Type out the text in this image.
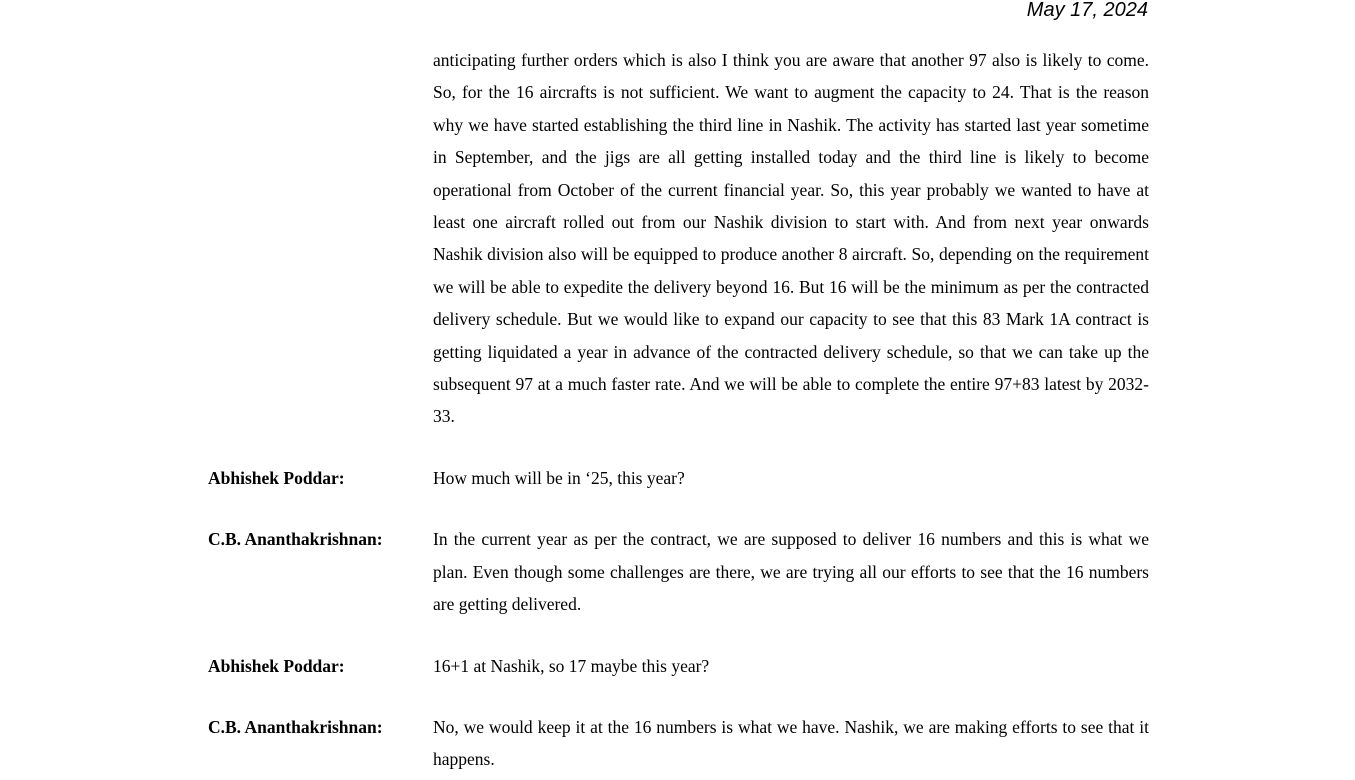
May 17, 2024
anticipating further orders which is also I think you are aware that another 97 also is likely to come. So, for the 16 aircrafts is not sufficient. We want to augment the capacity to 24. That is the reason why we have started establishing the third line in Nashik. The activity has started last year sometime in September, and the jigs are all getting installed today and the third line is likely to become operational from October of the current financial year. So, this year probably we wanted to have at least one aircraft rolled out from our Nashik division to start with. And from next year onwards Nashik division also will be equipped to produce another 8 aircraft. So, depending on the requirement we will be able to expedite the delivery beyond 16. But 16 will be the minimum as per the contracted delivery schedule. But we would like to expand our capacity to see that this 83 Mark 1A contract is getting liquidated a year in advance of the contracted delivery schedule, so that we can take up the subsequent 97 at a much faster rate. And we will be able to complete the entire 97+83 latest by 2032-33.
Abhishek Poddar:	How much will be in ‘25, this year?
C.B. Ananthakrishnan:	In the current year as per the contract, we are supposed to deliver 16 numbers and this is what we plan. Even though some challenges are there, we are trying all our efforts to see that the 16 numbers are getting delivered.
Abhishek Poddar:	16+1 at Nashik, so 17 maybe this year?
C.B. Ananthakrishnan:	No, we would keep it at the 16 numbers is what we have. Nashik, we are making efforts to see that it happens.
